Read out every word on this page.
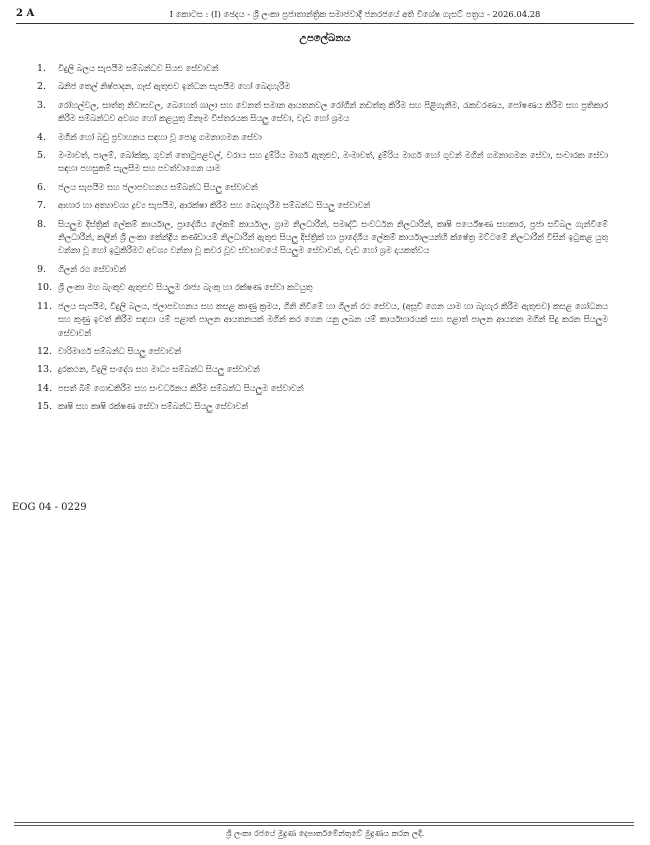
2 A	I කොටස : (I) ඡෙදය - ශ්‍රී ලංකා ප්‍රජාතාන්ත්‍රික සමාජවාදී ජනරජයේ අති විශේෂ ගැසට් පත්‍රය - 2026.04.28
උපලේඛනය
1. විදුලි බලය සැපයීම සම්බන්ධව සියළු සේවාවන්
2. ඛනිජ තෙල් නිෂ්පාදන, ගෑස් ඇතුළුව ඉන්ධන සැපයීම හෝ බෙදාහැරීම
3. රෝහල්වල, සාත්තු නිවාසවල, බෙහෙත් ශාලා සහ වෙනත් සමාන ආයතනවල රෝගීන් නඩත්තු කිරීම සහ පිළිගැනීම, රැකවරණය, පෝෂණය කිරීම සහ ප්‍රතිකාර කිරීම සම්බන්ධව අවශ්‍ය හෝ කළයුතු ඕනෑම විස්තරයක සියලු සේවා, වැඩ හෝ ශ්‍රමය
4. මගීන් හෝ බඩු ප්‍රවාහනය සඳහා වූ පොදු ගමනාගමන සේවා
5. මංමාවත්, පාලම්, බෝක්කු, ගුවන් තොටුපළවල්, වරාය සහ දුම්රිය මාර්ග ඇතුළුව, මංමාවත්, දුම්රිය මාර්ග හෝ ගුවන් මගින් ගමනාගමන සේවා, සංචාරක සේවා සඳහා පහසුකම් සැලසීම සහ පවත්වාගෙන යාම
6. ජලය සැපයීම සහ ජලාපවහනය සම්බන්ධ සියලු සේවාවන්
7. ආහාර හා අත්‍යාවශ්‍ය ද්‍රව්‍ය සැපයීම, ආරක්ෂා කිරීම සහ බෙදාහැරීම සම්බන්ධ සියලු සේවාවන්
8. සියලුම දිස්ත්‍රික් ලේකම් කාර්යාල, ප්‍රාදේශීය ලේකම් කාර්යාල, ග්‍රාම නිලධාරීන්, සමෘද්ධි සංවර්ධන නිලධාරීන්, කෘෂි පර්යේෂණ සහකාර, ප්‍රජා සවිබල ගැන්වීමේ නිලධාරීන්, කලීන් ශ්‍රී ලංකා කේන්ද්‍රීය කණ්ඩායම් නිලධාරීන් ඇතුළු සියලු දිස්ත්‍රික් හා ප්‍රාදේශීය ලේකම් කාර්යාලයන්හි ක්ෂේත්‍ර මට්ටමේ නිලධාරීන් විසින් ඉටුකළ යුතු වන්නා වූ හෝ ඉටුකිරීමට අවශ්‍ය වන්නා වූ කවර වූව ස්වභාවයේ සියලුම සේවාවන්, වැඩ හෝ ශ්‍රම දායකත්වය
9. ගිලන් රථ සේවාවන්
10. ශ්‍රී ලංකා මහ බැංකුව ඇතුළුව සියලුම රාජ්‍ය බැංකු හා රක්ෂණ සේවා කටයුතු
11. ජලය සැපයීම, විදුලි බලය, ජලාපවහනය සහ කසළ කාණු ක්‍රමය, ගිනි නිවීමේ හා ගිලන් රථ සේවය, (අසූචි ගෙන යාම හා බැහැර කිරීම ඇතුළුව) කසළ ශෝධනය සහ කුණු ඉවත් කිරීම සඳහා යම් පළාත් පාලන ආයතනයක් මගින් කර ගෙන යනු ලබන යම් කාර්යභාරයක් සහ පළාත් පාලන ආයතන මගින් සිදු කරන සියලුම සේවාවන්
12. වාරිමාර්ග සම්බන්ධ සියලු සේවාවන්
13. දුරකථන, විදුලි සංදේශ සහ මාධ්‍ය සම්බන්ධ සියලු සේවාවන්
14. පසත් බිම් ගොඩකිරීම සහ සංවර්ධනය කිරීම සම්බන්ධ සියලුම සේවාවන්
15. කෘෂි සහ කෘෂි රක්ෂණ සේවා සම්බන්ධ සියලු සේවාවන්
EOG 04 - 0229
ශ්‍රී ලංකා රජයේ මුද්‍රණ දෙපාර්තමේන්තුවේ මුද්‍රණය කරන ලදී.
